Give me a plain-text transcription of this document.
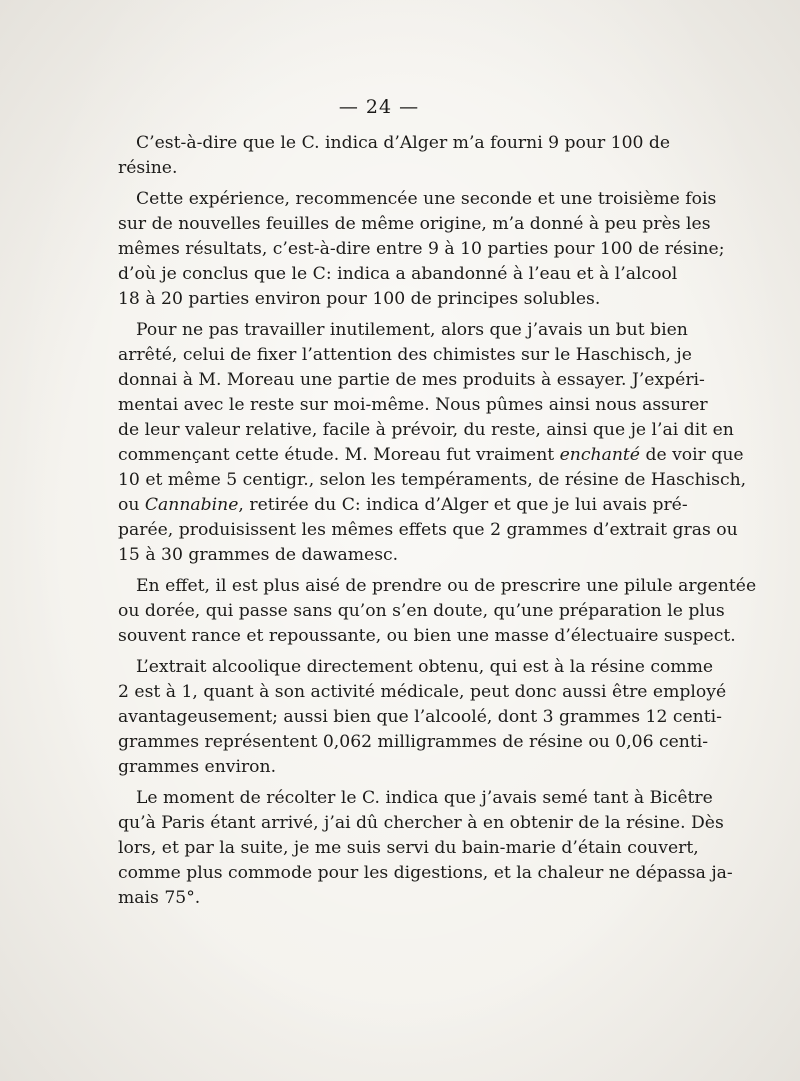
— 24 —
C’est-à-dire que le C. indica d’Alger m’a fourni 9 pour 100 de
résine.
Cette expérience, recommencée une seconde et une troisième fois
sur de nouvelles feuilles de même origine, m’a donné à peu près les
mêmes résultats, c’est-à-dire entre 9 à 10 parties pour 100 de résine;
d’où je conclus que le C: indica a abandonné à l’eau et à l’alcool
18 à 20 parties environ pour 100 de principes solubles.
Pour ne pas travailler inutilement, alors que j’avais un but bien
arrêté, celui de fixer l’attention des chimistes sur le Haschisch, je
donnai à M. Moreau une partie de mes produits à essayer. J’expéri-
mentai avec le reste sur moi-même. Nous pûmes ainsi nous assurer
de leur valeur relative, facile à prévoir, du reste, ainsi que je l’ai dit en
commençant cette étude. M. Moreau fut vraiment enchanté de voir que
10 et même 5 centigr., selon les tempéraments, de résine de Haschisch,
ou Cannabine, retirée du C: indica d’Alger et que je lui avais pré-
parée, produisissent les mêmes effets que 2 grammes d’extrait gras ou
15 à 30 grammes de dawamesc.
En effet, il est plus aisé de prendre ou de prescrire une pilule argentée
ou dorée, qui passe sans qu’on s’en doute, qu’une préparation le plus
souvent rance et repoussante, ou bien une masse d’électuaire suspect.
L’extrait alcoolique directement obtenu, qui est à la résine comme
2 est à 1, quant à son activité médicale, peut donc aussi être employé
avantageusement; aussi bien que l’alcoolé, dont 3 grammes 12 centi-
grammes représentent 0,062 milligrammes de résine ou 0,06 centi-
grammes environ.
Le moment de récolter le C. indica que j’avais semé tant à Bicêtre
qu’à Paris étant arrivé, j’ai dû chercher à en obtenir de la résine. Dès
lors, et par la suite, je me suis servi du bain-marie d’étain couvert,
comme plus commode pour les digestions, et la chaleur ne dépassa ja-
mais 75°.
